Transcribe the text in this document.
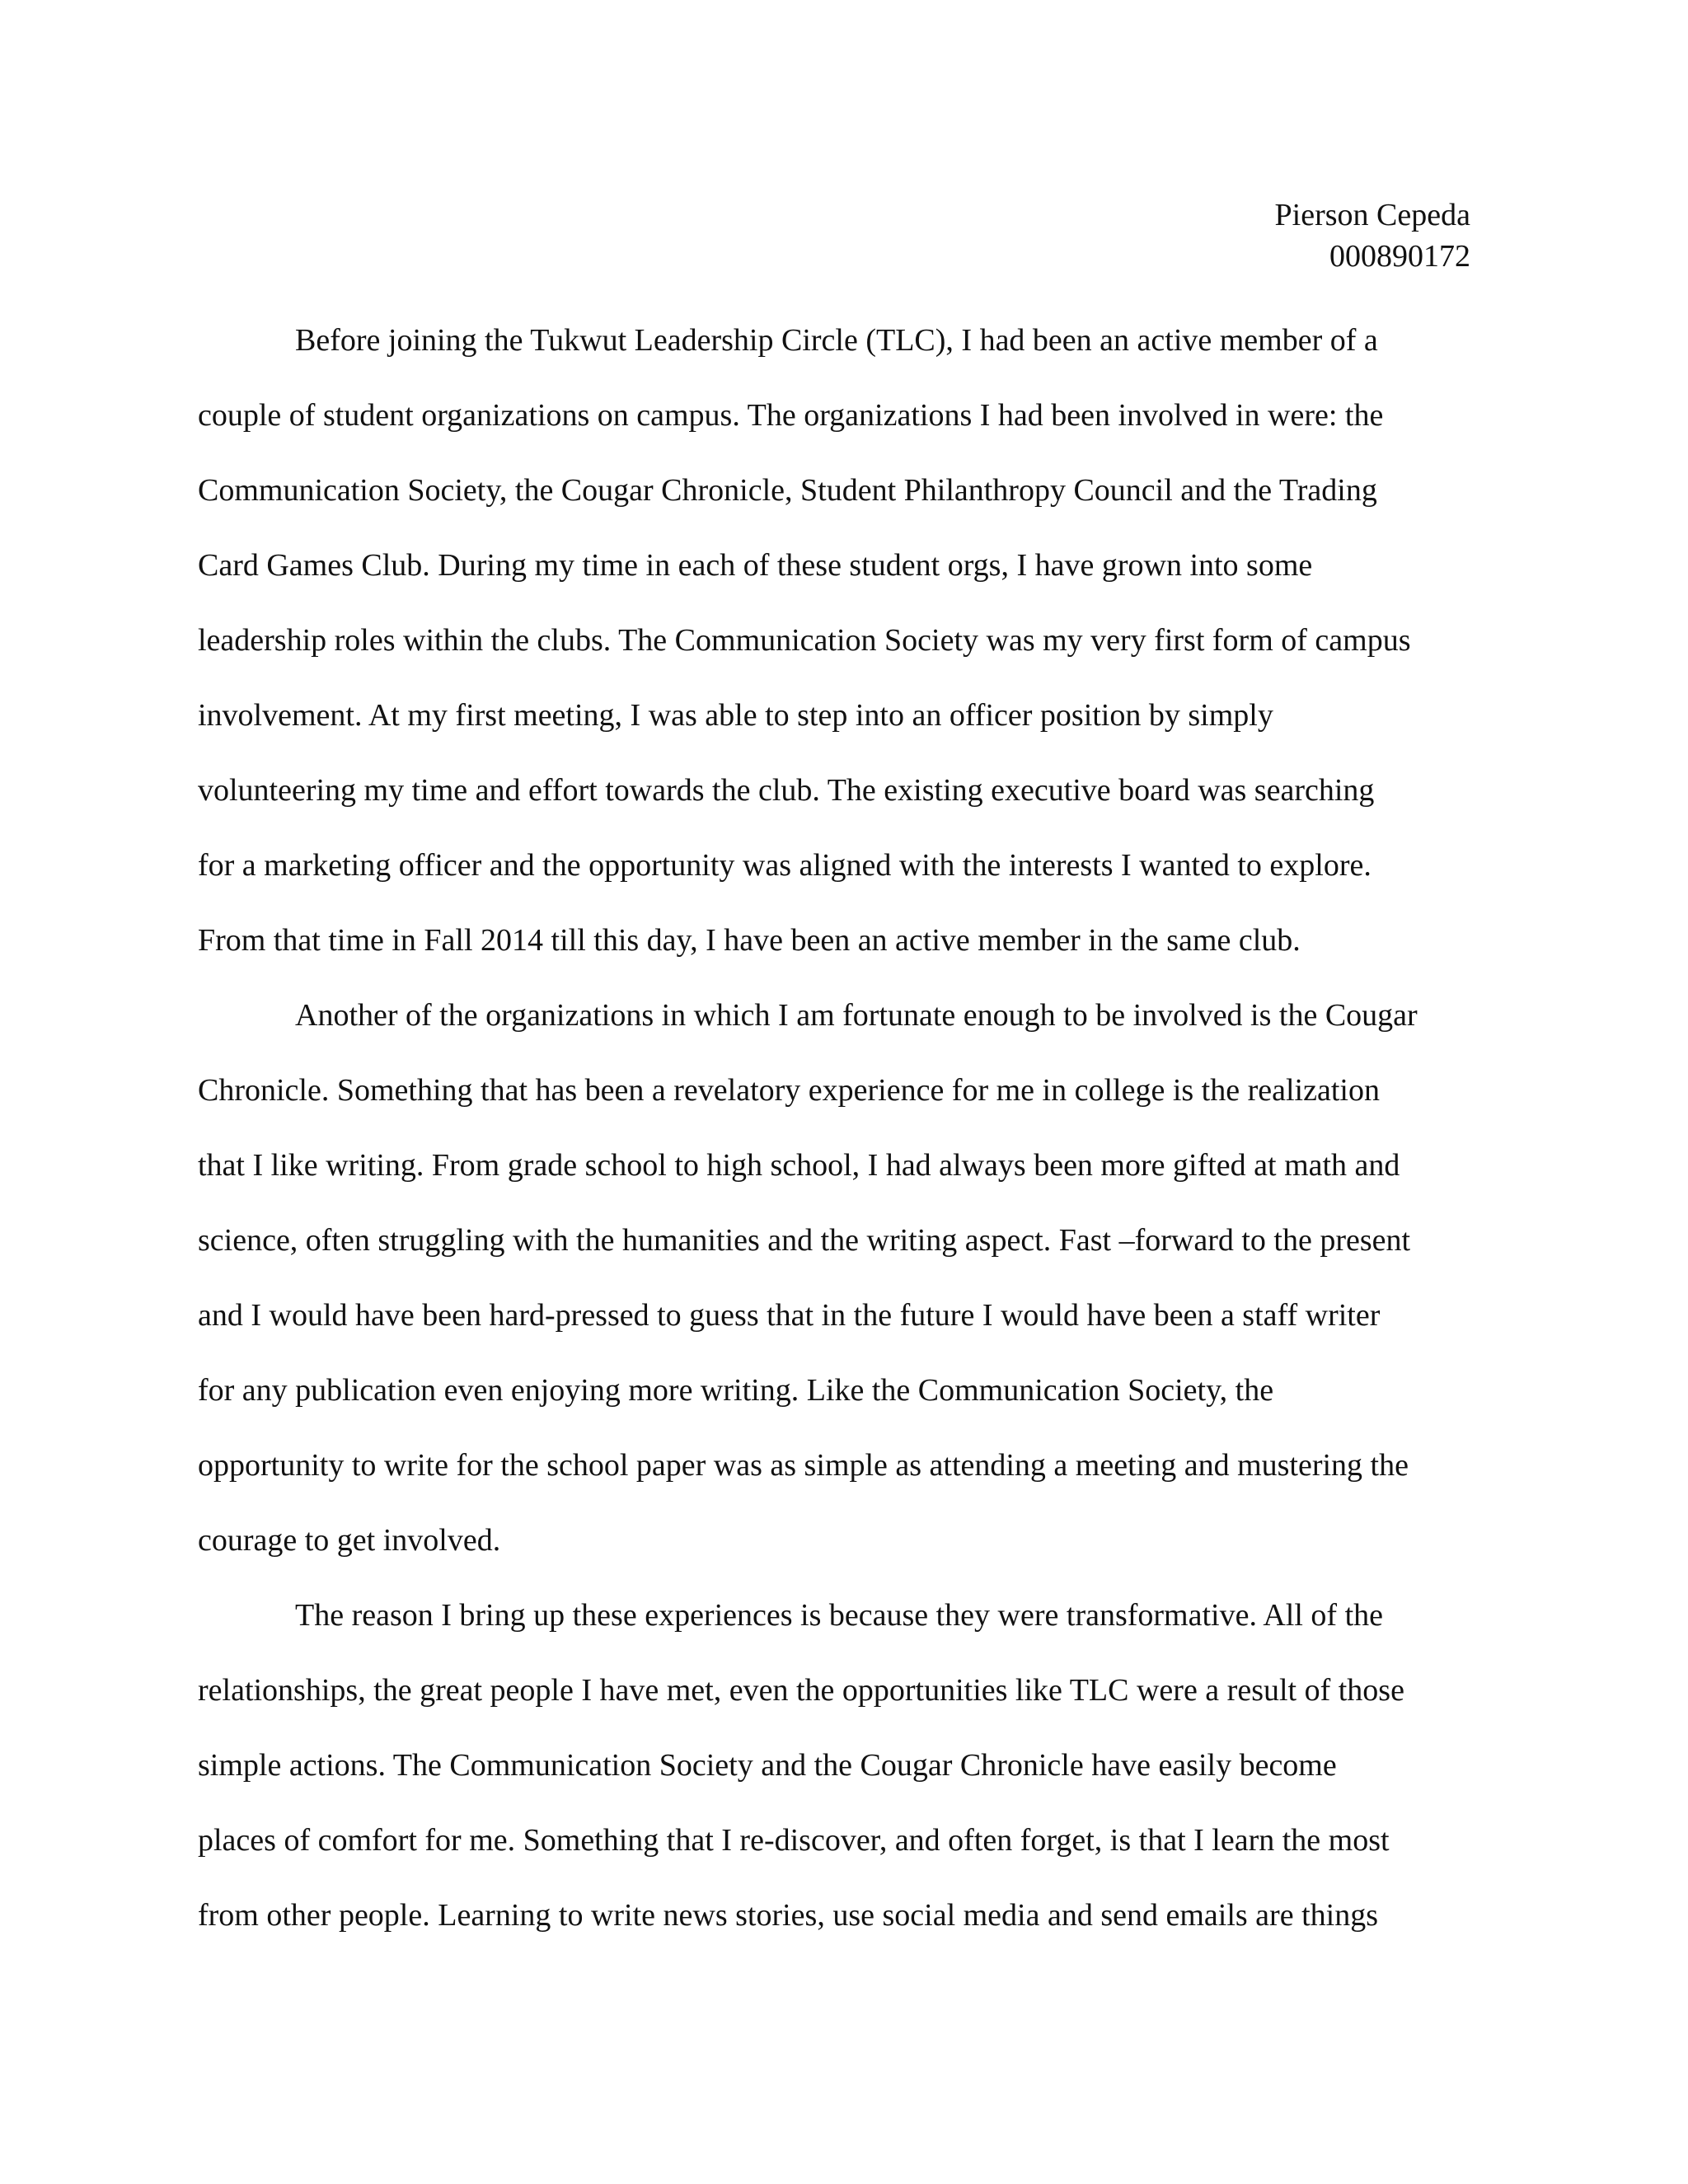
Pierson Cepeda
000890172
Before joining the Tukwut Leadership Circle (TLC), I had been an active member of a
couple of student organizations on campus. The organizations I had been involved in were: the
Communication Society, the Cougar Chronicle, Student Philanthropy Council and the Trading
Card Games Club. During my time in each of these student orgs, I have grown into some
leadership roles within the clubs. The Communication Society was my very first form of campus
involvement. At my first meeting, I was able to step into an officer position by simply
volunteering my time and effort towards the club. The existing executive board was searching
for a marketing officer and the opportunity was aligned with the interests I wanted to explore.
From that time in Fall 2014 till this day, I have been an active member in the same club.
Another of the organizations in which I am fortunate enough to be involved is the Cougar
Chronicle. Something that has been a revelatory experience for me in college is the realization
that I like writing. From grade school to high school, I had always been more gifted at math and
science, often struggling with the humanities and the writing aspect. Fast –forward to the present
and I would have been hard-pressed to guess that in the future I would have been a staff writer
for any publication even enjoying more writing. Like the Communication Society, the
opportunity to write for the school paper was as simple as attending a meeting and mustering the
courage to get involved.
The reason I bring up these experiences is because they were transformative. All of the
relationships, the great people I have met, even the opportunities like TLC were a result of those
simple actions. The Communication Society and the Cougar Chronicle have easily become
places of comfort for me. Something that I re-discover, and often forget, is that I learn the most
from other people. Learning to write news stories, use social media and send emails are things
